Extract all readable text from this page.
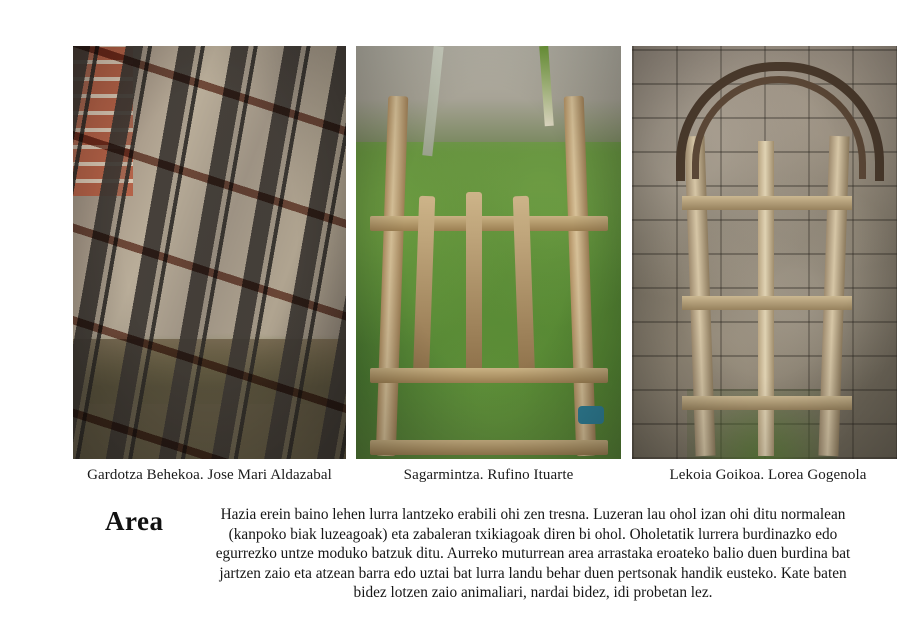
Gardotza Behekoa. Jose Mari Aldazabal	Sagarmintza. Rufino Ituarte	Lekoia Goikoa. Lorea Gogenola
Area	Hazia erein baino lehen lurra lantzeko erabili ohi zen tresna. Luzeran lau ohol izan ohi ditu normalean (kanpoko biak luzeagoak) eta zabaleran txikiagoak diren bi ohol. Oholetatik lurrera burdinazko edo egurrezko untze moduko batzuk ditu. Aurreko muturrean area arrastaka eroateko balio duen burdina bat jartzen zaio eta atzean barra edo uztai bat lurra landu behar duen pertsonak handik eusteko. Kate baten bidez lotzen zaio animaliari, nardai bidez, idi probetan lez.
